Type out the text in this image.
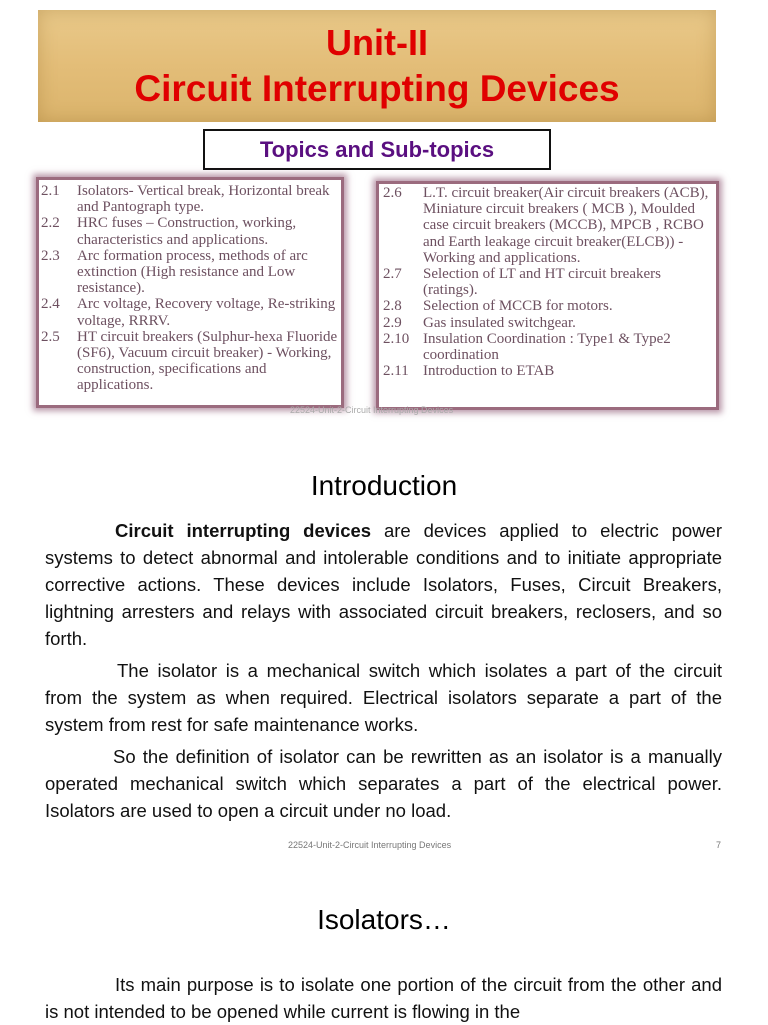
Unit-II
Circuit Interrupting Devices
Topics and Sub-topics
2.1	Isolators- Vertical break, Horizontal break and Pantograph type.
2.2	HRC fuses – Construction, working, characteristics and applications.
2.3	Arc formation process, methods of arc extinction (High resistance and Low resistance).
2.4	Arc voltage, Recovery voltage, Re-striking voltage, RRRV.
2.5	HT circuit breakers (Sulphur-hexa Fluoride (SF6), Vacuum circuit breaker) - Working, construction, specifications and applications.
2.6	L.T. circuit breaker(Air circuit breakers (ACB), Miniature circuit breakers ( MCB ), Moulded case circuit breakers (MCCB), MPCB , RCBO and Earth leakage circuit breaker(ELCB)) - Working and applications.
2.7	Selection of LT and HT circuit breakers (ratings).
2.8	Selection of MCCB for motors.
2.9	Gas insulated switchgear.
2.10 Insulation Coordination : Type1 & Type2 coordination
2.11 Introduction to ETAB
22524-Unit-2-Circuit Interrupting Devices
Introduction
Circuit interrupting devices are devices applied to electric power systems to detect abnormal and intolerable conditions and to initiate appropriate corrective actions. These devices include Isolators, Fuses, Circuit Breakers, lightning arresters and relays with associated circuit breakers, reclosers, and so forth.
The isolator is a mechanical switch which isolates a part of the circuit from the system as when required. Electrical isolators separate a part of the system from rest for safe maintenance works.
So the definition of isolator can be rewritten as an isolator is a manually operated mechanical switch which separates a part of the electrical power. Isolators are used to open a circuit under no load.
22524-Unit-2-Circuit Interrupting Devices	7
Isolators…
Its main purpose is to isolate one portion of the circuit from the other and is not intended to be opened while current is flowing in the
